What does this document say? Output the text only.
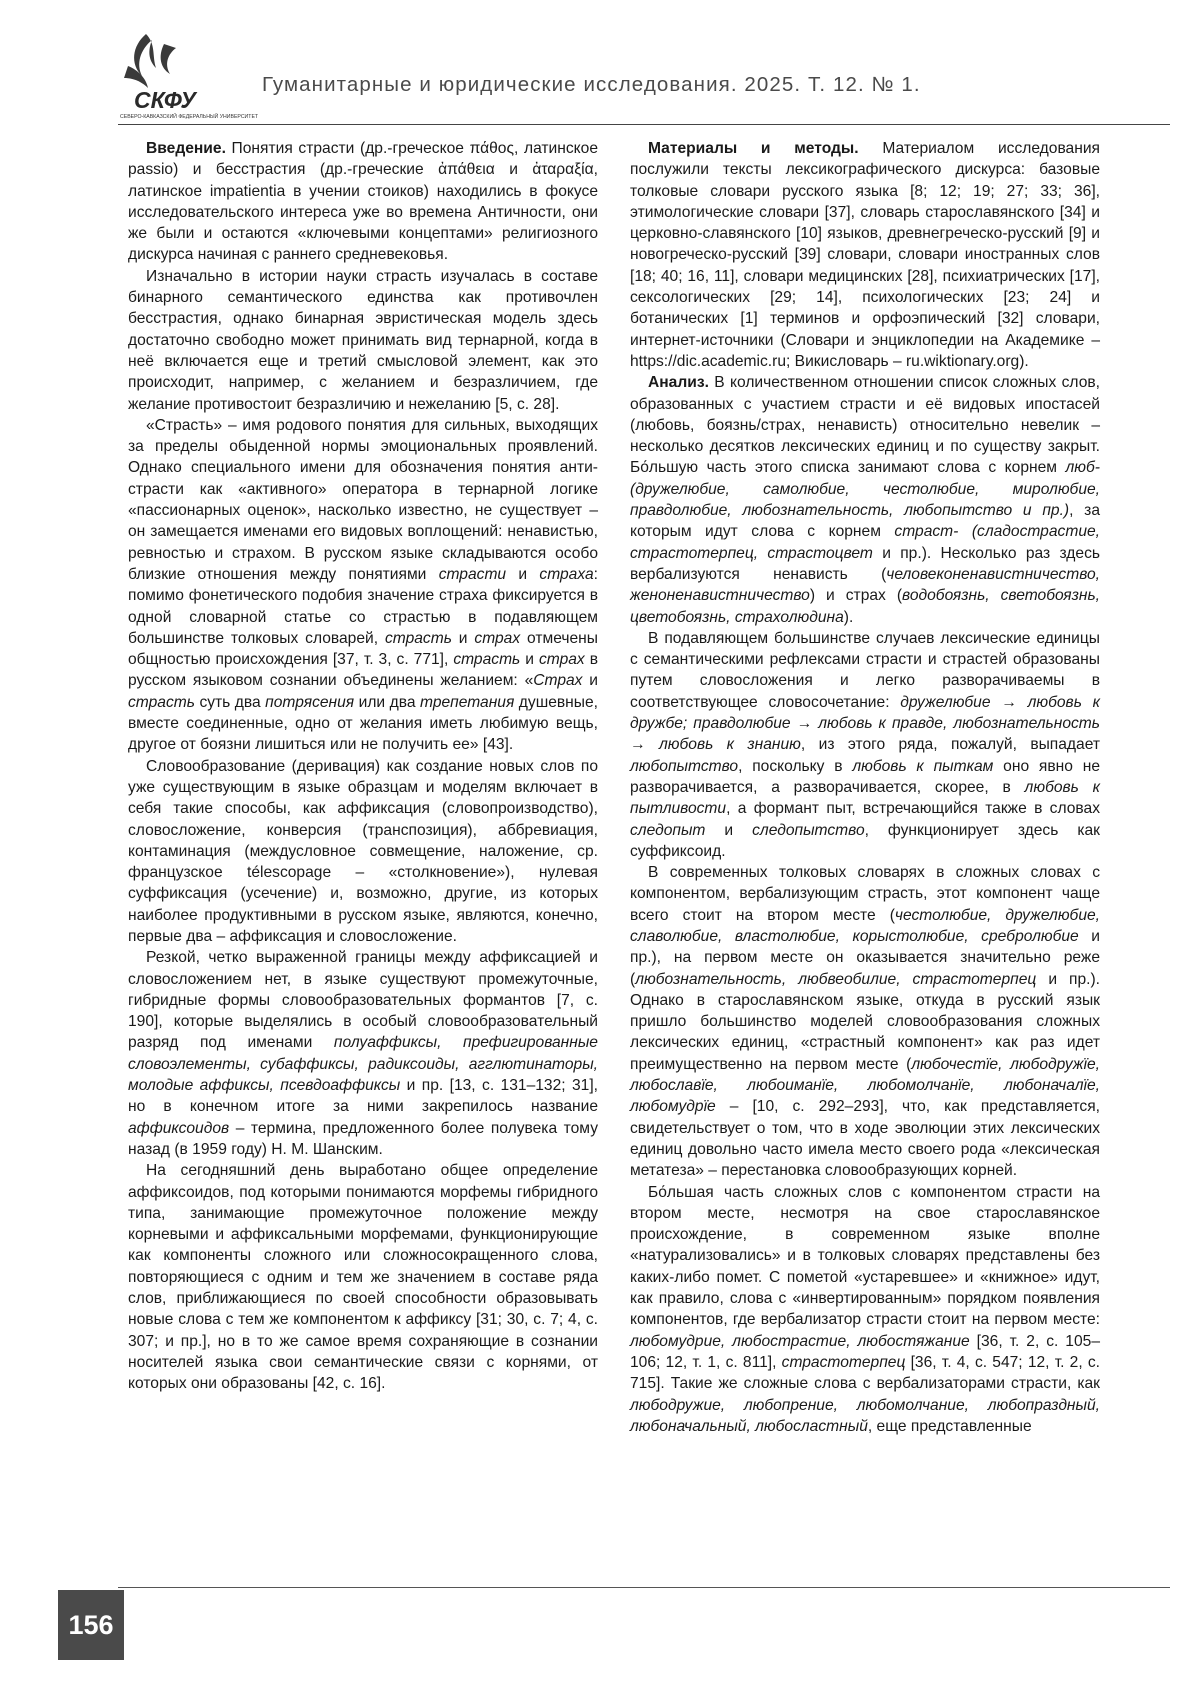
СКФУ
СЕВЕРО-КАВКАЗСКИЙ ФЕДЕРАЛЬНЫЙ УНИВЕРСИТЕТ
Гуманитарные и юридические исследования. 2025. Т. 12. № 1.

Введение. Понятия страсти (др.-греческое πάθος, латинское passio) и бесстрастия (др.-греческие ἀπάθεια и ἀταραξία, латинское impatientia в учении стоиков) находились в фокусе исследовательского интереса уже во времена Античности, они же были и остаются «ключевыми концептами» религиозного дискурса начиная с раннего средневековья.

Изначально в истории науки страсть изучалась в составе бинарного семантического единства как противочлен бесстрастия, однако бинарная эвристическая модель здесь достаточно свободно может принимать вид тернарной, когда в неё включается еще и третий смысловой элемент, как это происходит, например, с желанием и безразличием, где желание противостоит безразличию и нежеланию [5, с. 28].

«Страсть» – имя родового понятия для сильных, выходящих за пределы обыденной нормы эмоциональных проявлений. Однако специального имени для обозначения понятия анти-страсти как «активного» оператора в тернарной логике «пассионарных оценок», насколько известно, не существует – он замещается именами его видовых воплощений: ненавистью, ревностью и страхом. В русском языке складываются особо близкие отношения между понятиями страсти и страха: помимо фонетического подобия значение страха фиксируется в одной словарной статье со страстью в подавляющем большинстве толковых словарей, страсть и страх отмечены общностью происхождения [37, т. 3, с. 771], страсть и страх в русском языковом сознании объединены желанием: «Страх и страсть суть два потрясения или два трепетания душевные, вместе соединенные, одно от желания иметь любимую вещь, другое от боязни лишиться или не получить ее» [43].

Словообразование (деривация) как создание новых слов по уже существующим в языке образцам и моделям включает в себя такие способы, как аффиксация (словопроизводство), словосложение, конверсия (транспозиция), аббревиация, контаминация (междусловное совмещение, наложение, ср. французское télescopage – «столкновение»), нулевая суффиксация (усечение) и, возможно, другие, из которых наиболее продуктивными в русском языке, являются, конечно, первые два – аффиксация и словосложение.

Резкой, четко выраженной границы между аффиксацией и словосложением нет, в языке существуют промежуточные, гибридные формы словообразовательных формантов [7, с. 190], которые выделялись в особый словообразовательный разряд под именами полуаффиксы, префигированные словоэлементы, субаффиксы, радиксоиды, агглютинаторы, молодые аффиксы, псевдоаффиксы и пр. [13, с. 131–132; 31], но в конечном итоге за ними закрепилось название аффиксоидов – термина, предложенного более полувека тому назад (в 1959 году) Н. М. Шанским.

На сегодняшний день выработано общее определение аффиксоидов, под которыми понимаются морфемы гибридного типа, занимающие промежуточное положение между корневыми и аффиксальными морфемами, функционирующие как компоненты сложного или сложносокращенного слова, повторяющиеся с одним и тем же значением в составе ряда слов, приближающиеся по своей способности образовывать новые слова с тем же компонентом к аффиксу [31; 30, с. 7; 4, с. 307; и пр.], но в то же самое время сохраняющие в сознании носителей языка свои семантические связи с корнями, от которых они образованы [42, с. 16].

Материалы и методы. Материалом исследования послужили тексты лексикографического дискурса: базовые толковые словари русского языка [8; 12; 19; 27; 33; 36], этимологические словари [37], словарь старославянского [34] и церковно-славянского [10] языков, древнегреческо-русский [9] и новогреческо-русский [39] словари, словари иностранных слов [18; 40; 16, 11], словари медицинских [28], психиатрических [17], сексологических [29; 14], психологических [23; 24] и ботанических [1] терминов и орфоэпический [32] словари, интернет-источники (Словари и энциклопедии на Академике – https://dic.academic.ru; Викисловарь – ru.wiktionary.org).

Анализ. В количественном отношении список сложных слов, образованных с участием страсти и её видовых ипостасей (любовь, боязнь/страх, ненависть) относительно невелик – несколько десятков лексических единиц и по существу закрыт. Бо́льшую часть этого списка занимают слова с корнем люб- (дружелюбие, самолюбие, честолюбие, миролюбие, правдолюбие, любознательность, любопытство и пр.), за которым идут слова с корнем страст- (сладострастие, страстотерпец, страстоцвет и пр.). Несколько раз здесь вербализуются ненависть (человеконенавистничество, женоненавистничество) и страх (водобоязнь, светобоязнь, цветобоязнь, страхолюдина).

В подавляющем большинстве случаев лексические единицы с семантическими рефлексами страсти и страстей образованы путем словосложения и легко разворачиваемы в соответствующее словосочетание: дружелюбие → любовь к дружбе; правдолюбие → любовь к правде, любознательность → любовь к знанию, из этого ряда, пожалуй, выпадает любопытство, поскольку в любовь к пыткам оно явно не разворачивается, а разворачивается, скорее, в любовь к пытливости, а формант пыт, встречающийся также в словах следопыт и следопытство, функционирует здесь как суффиксоид.

В современных толковых словарях в сложных словах с компонентом, вербализующим страсть, этот компонент чаще всего стоит на втором месте (честолюбие, дружелюбие, славолюбие, властолюбие, корыстолюбие, сребролюбие и пр.), на первом месте он оказывается значительно реже (любознательность, любвеобилие, страстотерпец и пр.). Однако в старославянском языке, откуда в русский язык пришло большинство моделей словообразования сложных лексических единиц, «страстный компонент» как раз идет преимущественно на первом месте (любочестїе, любодружїе, любославїе, любоиманїе, любомолчанїе, любоначалїе, любомудрїе – [10, с. 292–293], что, как представляется, свидетельствует о том, что в ходе эволюции этих лексических единиц довольно часто имела место своего рода «лексическая метатеза» – перестановка словообразующих корней.

Бо́льшая часть сложных слов с компонентом страсти на втором месте, несмотря на свое старославянское происхождение, в современном языке вполне «натурализовались» и в толковых словарях представлены без каких-либо помет. С пометой «устаревшее» и «книжное» идут, как правило, слова с «инвертированным» порядком появления компонентов, где вербализатор страсти стоит на первом месте: любомудрие, любострастие, любостяжание [36, т. 2, с. 105–106; 12, т. 1, с. 811], страстотерпец [36, т. 4, с. 547; 12, т. 2, с. 715]. Такие же сложные слова с вербализаторами страсти, как любодружие, любопрение, любомолчание, любопраздный, любоначальный, любосластный, еще представленные

156
